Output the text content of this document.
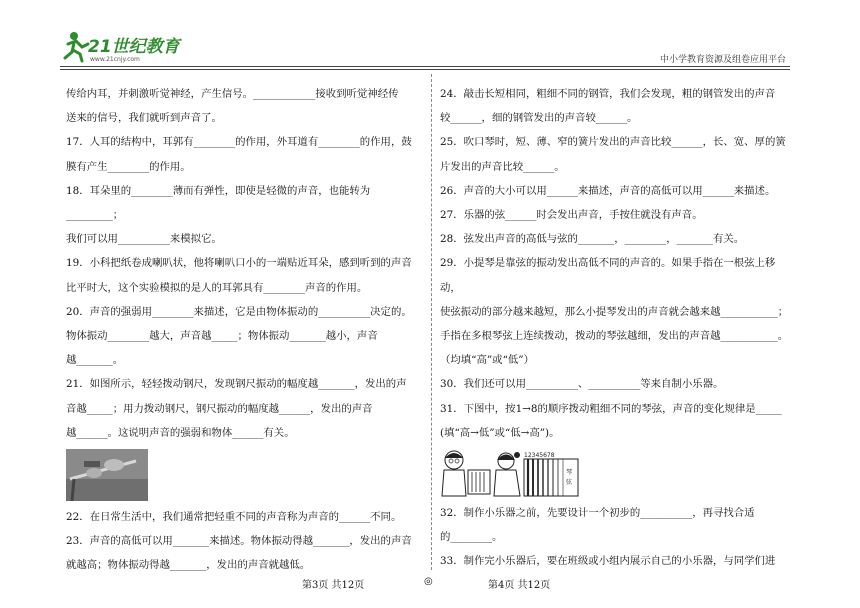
21世纪教育
www.21cnjy.com	中小学教育资源及组卷应用平台

传给内耳，并刺激听觉神经，产生信号。____________接收到听觉神经传

送来的信号，我们就听到声音了。

17．人耳的结构中，耳郭有________的作用，外耳道有________的作用，鼓

膜有产生________的作用。

18．耳朵里的________薄而有弹性，即使是轻微的声音，也能转为_________；

我们可以用__________来模拟它。

19．小科把纸卷成喇叭状，他将喇叭口小的一端贴近耳朵，感到听到的声音

比平时大，这个实验模拟的是人的耳郭具有________声音的作用。

20．声音的强弱用________来描述，它是由物体振动的__________决定的。

物体振动________越大，声音越_____；物体振动_______越小，声音

越_______。

21．如图所示，轻轻拨动钢尺，发现钢尺振动的幅度越_______，发出的声

音越_____；用力拨动钢尺，钢尺振动的幅度越______，发出的声音

越______。这说明声音的强弱和物体______有关。

22．在日常生活中，我们通常把轻重不同的声音称为声音的______不同。

23．声音的高低可以用_______来描述。物体振动得越_______，发出的声音

就越高；物体振动得越_______，发出的声音就越低。

24．敲击长短相同，粗细不同的钢管，我们会发现，粗的钢管发出的声音

较______，细的钢管发出的声音较______。

25．吹口琴时，短、薄、窄的簧片发出的声音比较______，长、宽、厚的簧

片发出的声音比较______。

26．声音的大小可以用______来描述，声音的高低可以用______来描述。

27．乐器的弦______时会发出声音，手按住就没有声音。

28．弦发出声音的高低与弦的_______，________，_______有关。

29．小提琴是靠弦的振动发出高低不同的声音的。如果手指在一根弦上移动，

使弦振动的部分越来越短，那么小提琴发出的声音就会越来越___________；

手指在多根琴弦上连续拨动，拨动的琴弦越细，发出的声音越___________。

（均填“高”或“低”）

30．我们还可以用__________、__________等来自制小乐器。

31．下图中，按1→8的顺序拨动粗细不同的琴弦，声音的变化规律是_____

(填“高→低”或“低→高”)。

12345678
琴
弦

32．制作小乐器之前，先要设计一个初步的__________，再寻找合适

的________。

33．制作完小乐器后，要在班级或小组内展示自己的小乐器，与同学们进

第3页 共12页	◎	第4页 共12页
